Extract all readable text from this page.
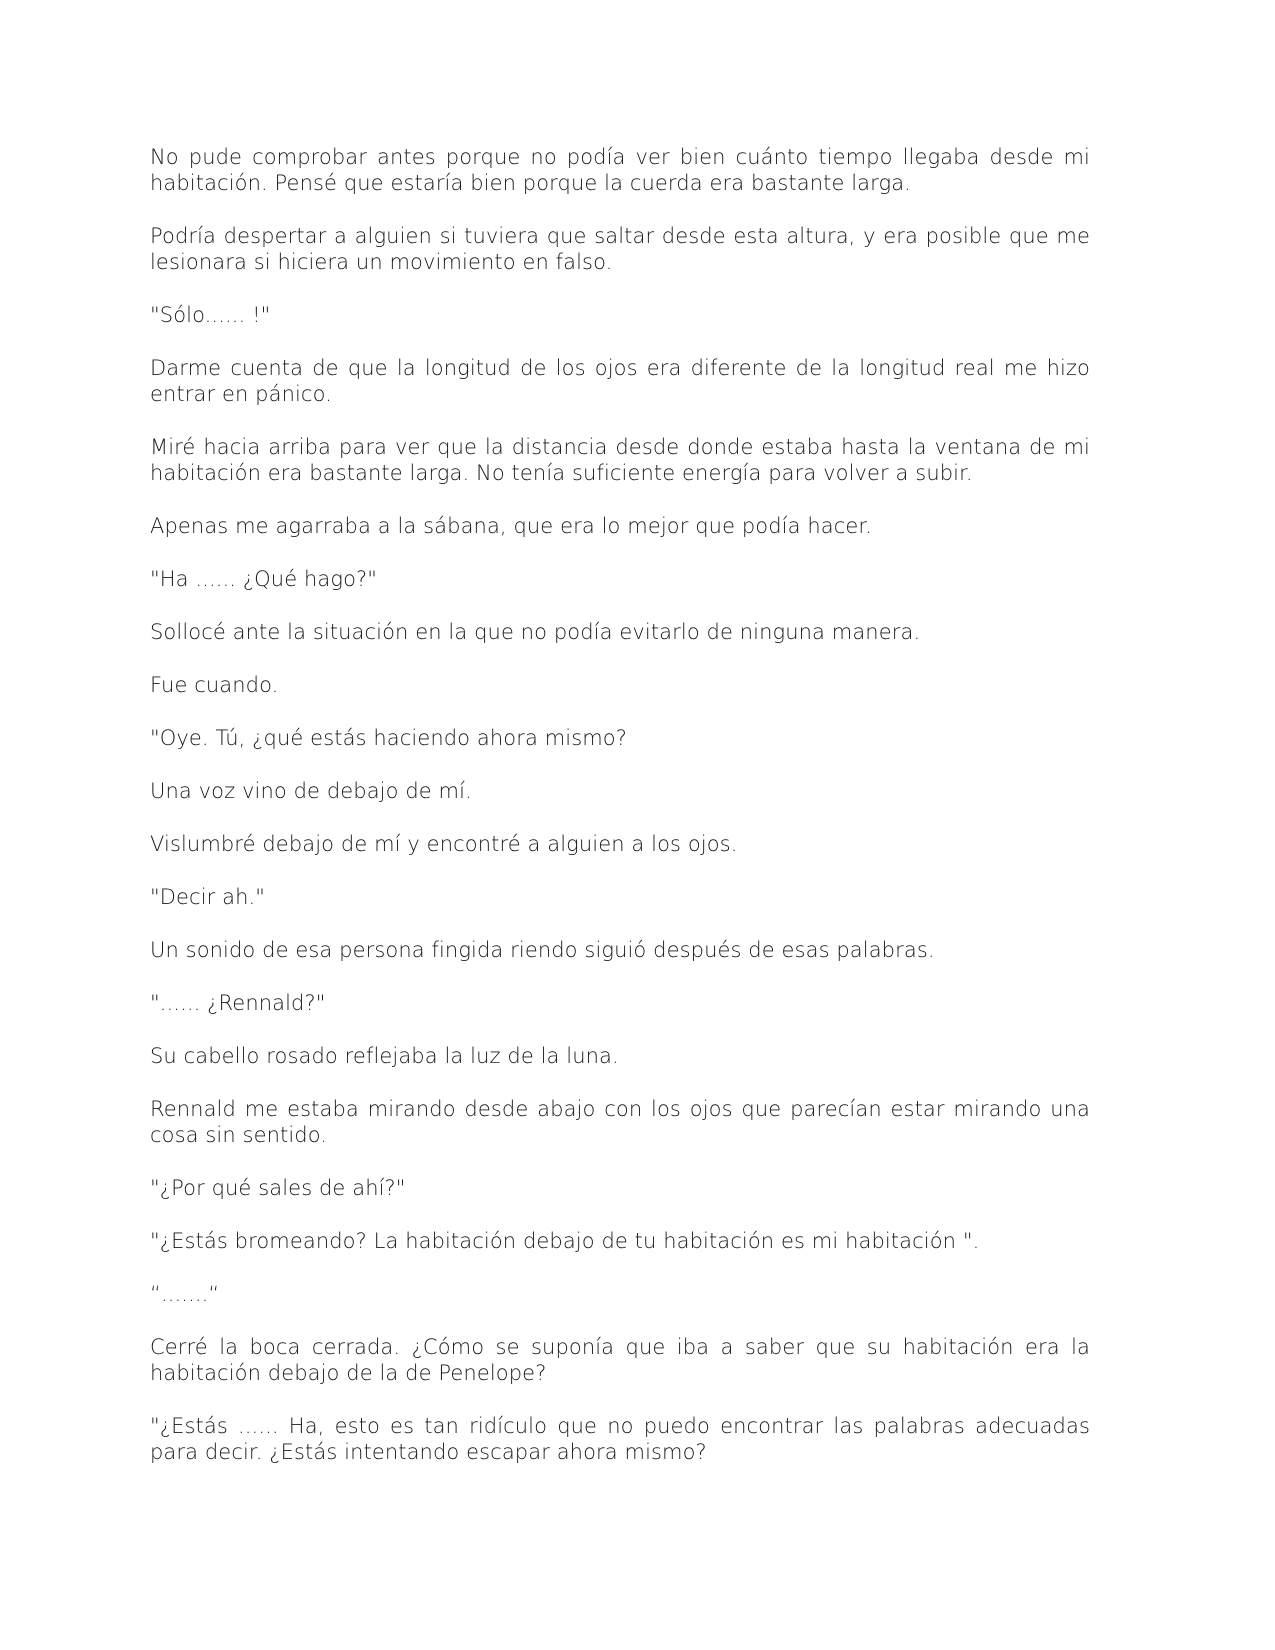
No pude comprobar antes porque no podía ver bien cuánto tiempo llegaba desde mi habitación. Pensé que estaría bien porque la cuerda era bastante larga.

Podría despertar a alguien si tuviera que saltar desde esta altura, y era posible que me lesionara si hiciera un movimiento en falso.

"Sólo...... !"

Darme cuenta de que la longitud de los ojos era diferente de la longitud real me hizo entrar en pánico.

Miré hacia arriba para ver que la distancia desde donde estaba hasta la ventana de mi habitación era bastante larga. No tenía suficiente energía para volver a subir.

Apenas me agarraba a la sábana, que era lo mejor que podía hacer.

"Ha ...... ¿Qué hago?"

Sollocé ante la situación en la que no podía evitarlo de ninguna manera.

Fue cuando.

"Oye. Tú, ¿qué estás haciendo ahora mismo?

Una voz vino de debajo de mí.

Vislumbré debajo de mí y encontré a alguien a los ojos.

"Decir ah."

Un sonido de esa persona fingida riendo siguió después de esas palabras.

"...... ¿Rennald?"

Su cabello rosado reflejaba la luz de la luna.

Rennald me estaba mirando desde abajo con los ojos que parecían estar mirando una cosa sin sentido.

"¿Por qué sales de ahí?"

"¿Estás bromeando? La habitación debajo de tu habitación es mi habitación ".

“.......“

Cerré la boca cerrada. ¿Cómo se suponía que iba a saber que su habitación era la habitación debajo de la de Penelope?

"¿Estás ...... Ha, esto es tan ridículo que no puedo encontrar las palabras adecuadas para decir. ¿Estás intentando escapar ahora mismo?
